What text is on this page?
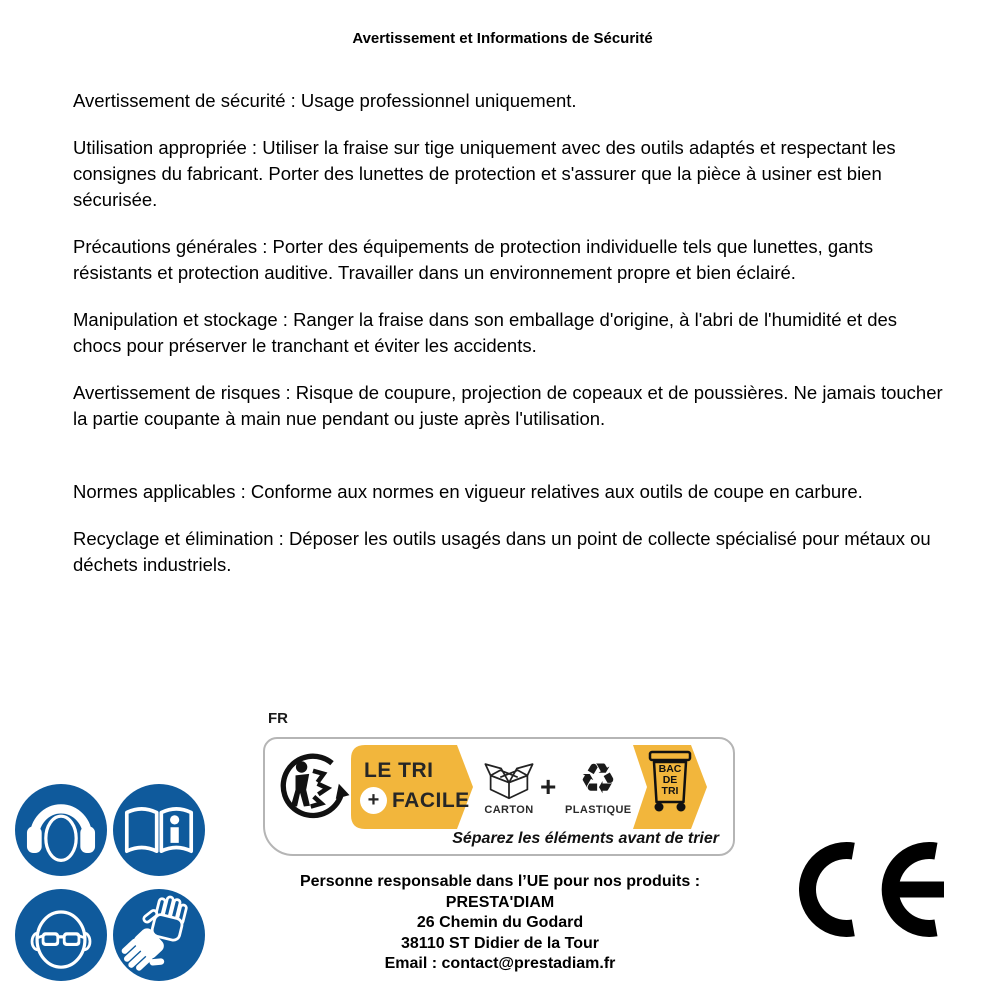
Avertissement et Informations de Sécurité

Avertissement de sécurité : Usage professionnel uniquement.

Utilisation appropriée : Utiliser la fraise sur tige uniquement avec des outils adaptés et respectant les consignes du fabricant. Porter des lunettes de protection et s'assurer que la pièce à usiner est bien sécurisée.

Précautions générales : Porter des équipements de protection individuelle tels que lunettes, gants résistants et protection auditive. Travailler dans un environnement propre et bien éclairé.

Manipulation et stockage : Ranger la fraise dans son emballage d'origine, à l'abri de l'humidité et des chocs pour préserver le tranchant et éviter les accidents.

Avertissement de risques : Risque de coupure, projection de copeaux et de poussières. Ne jamais toucher la partie coupante à main nue pendant ou juste après l'utilisation.

Normes applicables : Conforme aux normes en vigueur relatives aux outils de coupe en carbure.

Recyclage et élimination : Déposer les outils usagés dans un point de collecte spécialisé pour métaux ou déchets industriels.

FR
LE TRI
+ FACILE	CARTON
+ ♻
PLASTIQUE
BAC
DE
TRI
Séparez les éléments avant de trier
Personne responsable dans l’UE pour nos produits :
PRESTA'DIAM
26 Chemin du Godard
38110 ST Didier de la Tour
Email : contact@prestadiam.fr
